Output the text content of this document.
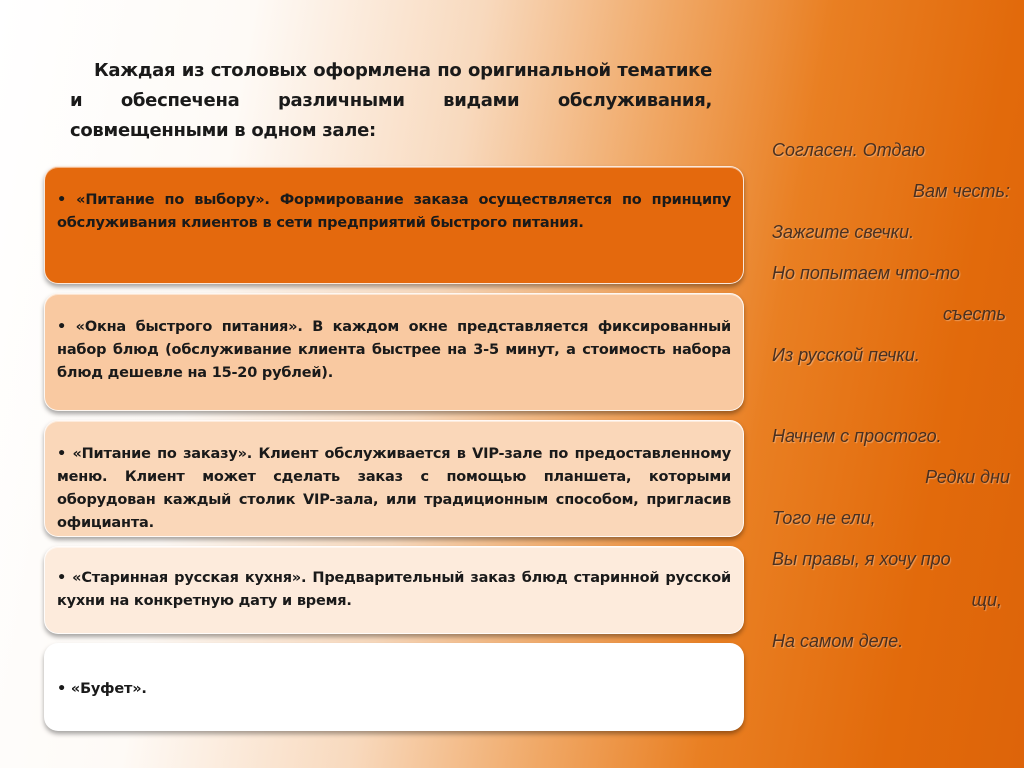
Каждая из столовых оформлена по оригинальной тематике и обеспечена различными видами обслуживания, совмещенными в одном зале:

• «Питание по выбору». Формирование заказа осуществляется по принципу обслуживания клиентов в сети предприятий быстрого питания.

• «Окна быстрого питания». В каждом окне представляется фиксированный набор блюд (обслуживание клиента быстрее на 3-5 минут, а стоимость набора блюд дешевле на 15-20 рублей).

• «Питание по заказу». Клиент обслуживается в VIP-зале по предоставленному меню. Клиент может сделать заказ с помощью планшета, которыми оборудован каждый столик VIP-зала, или традиционным способом, пригласив официанта.

• «Старинная русская кухня». Предварительный заказ блюд старинной русской кухни на конкретную дату и время.

• «Буфет».

Согласен. Отдаю
Вам честь:
Зажгите свечки.
Но попытаем что-то
съесть
Из русской печки.
Начнем с простого.
Редки дни
Того не ели,
Вы правы, я хочу про
щи,
На самом деле.
